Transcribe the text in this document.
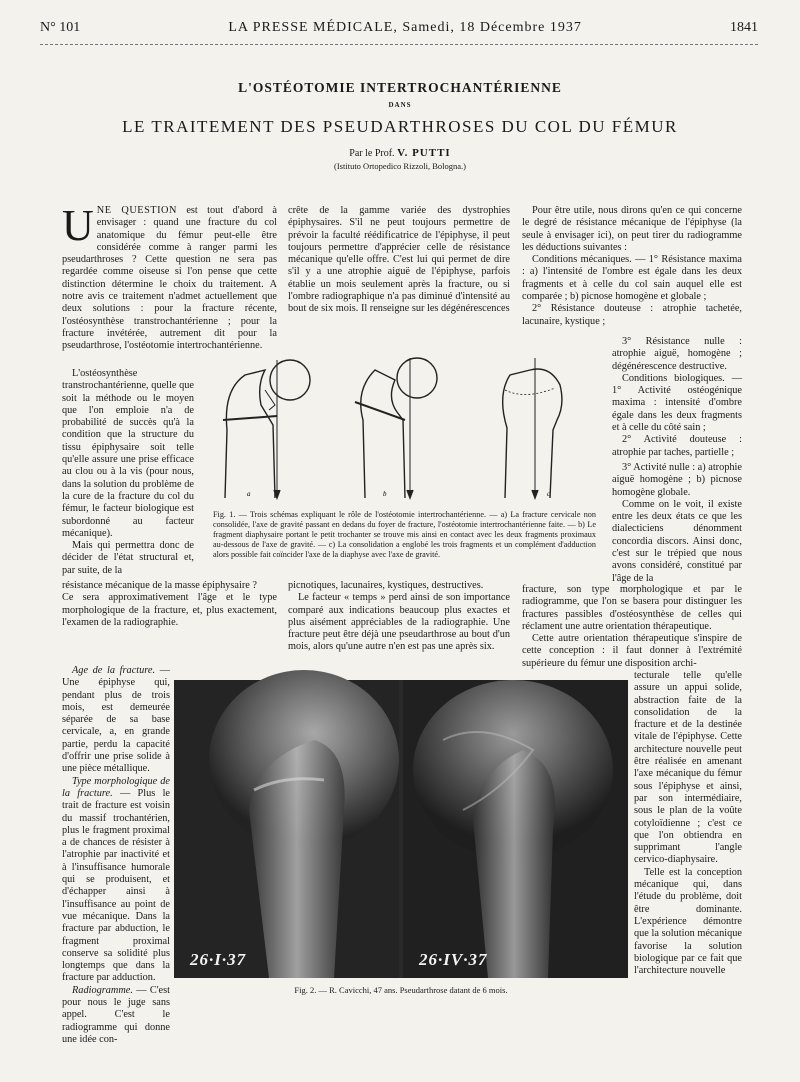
N° 101	LA PRESSE MÉDICALE, Samedi, 18 Décembre 1937	1841
L'OSTÉOTOMIE INTERTROCHANTÉRIENNE
DANS
LE TRAITEMENT DES PSEUDARTHROSES DU COL DU FÉMUR
Par le Prof. V. PUTTI
(Istituto Ortopedico Rizzoli, Bologna.)
U NE QUESTION est tout d'abord à envisager : quand une fracture du col anatomique du fémur peut-elle être considérée comme à ranger parmi les pseudarthroses ? Cette question ne sera pas regardée comme oiseuse si l'on pense que cette distinction détermine le choix du traitement. A notre avis ce traitement n'admet actuellement que deux solutions : pour la fracture récente, l'ostéosynthèse transtrochantérienne ; pour la fracture invétérée, autrement dit pour la pseudarthrose, l'ostéotomie intertrochantérienne.

L'ostéosynthèse transtrochantérienne, quelle que soit la méthode ou le moyen que l'on emploie n'a de probabilité de succès qu'à la condition que la structure du tissu épiphysaire soit telle qu'elle assure une prise efficace au clou ou à la vis (pour nous, dans la solution du problème de la cure de la fracture du col du fémur, le facteur biologique est subordonné au facteur mécanique).

Mais qui permettra donc de décider de l'état structural et, par suite, de la

résistance mécanique de la masse épiphysaire ?

Ce sera approximativement l'âge et le type morphologique de la fracture, et, plus exactement, l'examen de la radiographie.

Age de la fracture. — Une épiphyse qui, pendant plus de trois mois, est demeurée séparée de sa base cervicale, a, en grande partie, perdu la capacité d'offrir une prise solide à une pièce métallique.

Type morphologique de la fracture. — Plus le trait de fracture est voisin du massif trochantérien, plus le fragment proximal a de chances de résister à l'atrophie par inactivité et à l'insuffisance humorale qui se produisent, et d'échapper ainsi à l'insuffisance au point de vue mécanique. Dans la fracture par abduction, le fragment proximal conserve sa solidité plus longtemps que dans la fracture par adduction.

Radiogramme. — C'est pour nous le juge sans appel. C'est le radiogramme qui donne une idée con-

crête de la gamme variée des dystrophies épiphysaires. S'il ne peut toujours permettre de prévoir la faculté réédificatrice de l'épiphyse, il peut toujours permettre d'apprécier celle de résistance mécanique qu'elle offre. C'est lui qui permet de dire s'il y a une atrophie aiguë de l'épiphyse, parfois établie un mois seulement après la fracture, ou si l'ombre radiographique n'a pas diminué d'intensité au bout de six mois. Il renseigne sur les dégénérescences

picnotiques, lacunaires, kystiques, destructives.

Le facteur « temps » perd ainsi de son importance comparé aux indications beaucoup plus exactes et plus aisément appréciables de la radiographie. Une fracture peut être déjà une pseudarthrose au bout d'un mois, alors qu'une autre n'en est pas une après six.

Pour être utile, nous dirons qu'en ce qui concerne le degré de résistance mécanique de l'épiphyse (la seule à envisager ici), on peut tirer du radiogramme les déductions suivantes :

Conditions mécaniques. — 1° Résistance maxima : a) l'intensité de l'ombre est égale dans les deux fragments et à celle du col sain auquel elle est comparée ; b) picnose homogène et globale ;

2° Résistance douteuse : atrophie tachetée, lacunaire, kystique ;

3° Résistance nulle : atrophie aiguë, homogène ; dégénérescence destructive.

Conditions biologiques. — 1° Activité ostéogénique maxima : intensité d'ombre égale dans les deux fragments et à celle du côté sain ;

2° Activité douteuse : atrophie par taches, partielle ;

3° Activité nulle : a) atrophie aiguë homogène ; b) picnose homogène globale.

Comme on le voit, il existe entre les deux états ce que les dialecticiens dénomment concordia discors. Ainsi donc, c'est sur le trépied que nous avons considéré, constitué par l'âge de la

fracture, son type morphologique et par le radiogramme, que l'on se basera pour distinguer les fractures passibles d'ostéosynthèse de celles qui réclament une autre orientation thérapeutique.

Cette autre orientation thérapeutique s'inspire de cette conception : il faut donner à l'extrémité supérieure du fémur une disposition archi-

tecturale telle qu'elle assure un appui solide, abstraction faite de la consolidation de la fracture et de la destinée vitale de l'épiphyse. Cette architecture nouvelle peut être réalisée en amenant l'axe mécanique du fémur sous l'épiphyse et ainsi, par son intermédiaire, sous le plan de la voûte cotyloïdienne ; c'est ce que l'on obtiendra en supprimant l'angle cervico-diaphysaire.

Telle est la conception mécanique qui, dans l'étude du problème, doit être dominante. L'expérience démontre que la solution mécanique favorise la solution biologique par ce fait que l'architecture nouvelle

a	b	c
Fig. 1. — Trois schémas expliquant le rôle de l'ostéotomie intertrochantérienne. — a) La fracture cervicale non consolidée, l'axe de gravité passant en dedans du foyer de fracture, l'ostéotomie intertrochantérienne faite. — b) Le fragment diaphysaire portant le petit trochanter se trouve mis ainsi en contact avec les deux fragments proximaux au-dessous de l'axe de gravité. — c) La consolidation a englobé les trois fragments et un complément d'adduction alors possible fait coïncider l'axe de la diaphyse avec l'axe de gravité.
26·I·37	26·IV·37
Fig. 2. — R. Cavicchi, 47 ans. Pseudarthrose datant de 6 mois.
